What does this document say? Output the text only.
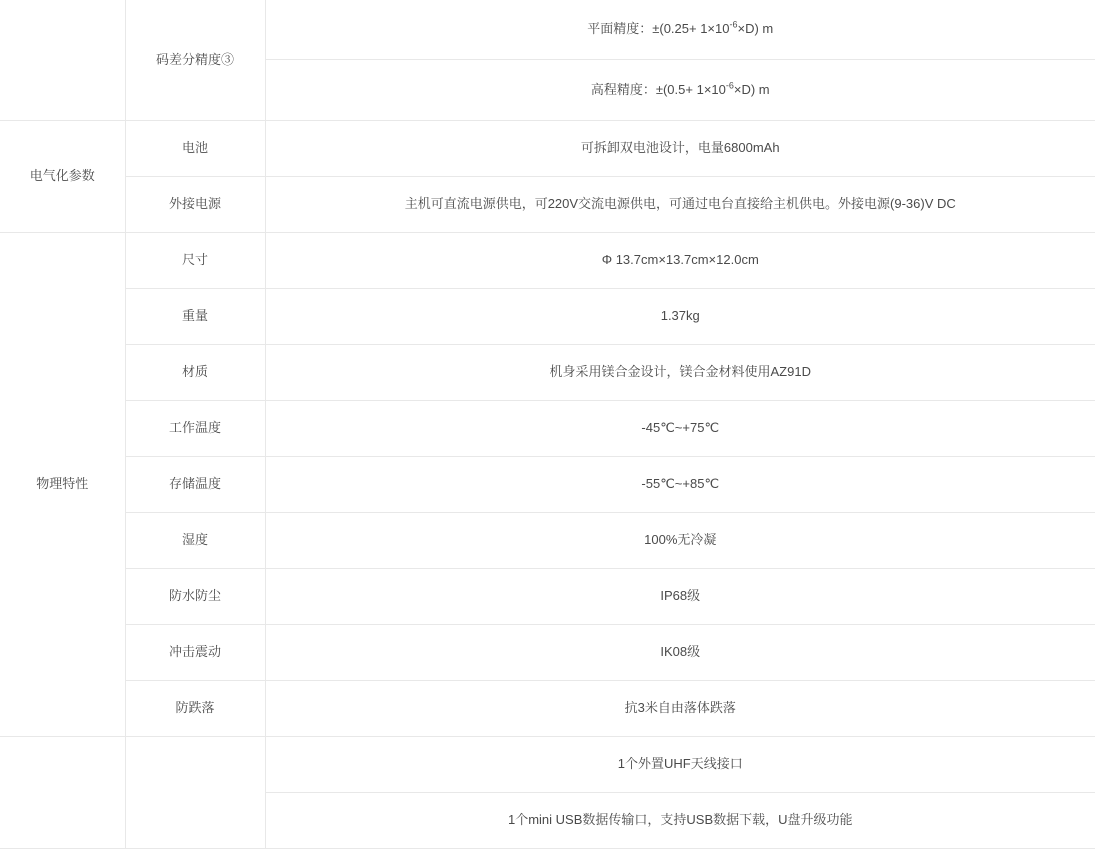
	码差分精度③	平面精度：$\pm(0.25+ 1\times 10^{-6}\times D)$ m
		高程精度：$\pm(0.5+ 1\times 10^{-6}\times D)$ m
电气化参数	电池	可拆卸双电池设计，电量6800mAh
	外接电源	主机可直流电源供电，可220V交流电源供电，可通过电台直接给主机供电。外接电源(9-36)V DC
物理特性	尺寸	Φ 13.7cm×13.7cm×12.0cm
	重量	1.37kg
	材质	机身采用镁合金设计，镁合金材料使用AZ91D
	工作温度	-45℃~+75℃
	存储温度	-55℃~+85℃
	湿度	100%无冷凝
	防水防尘	IP68级
	冲击震动	IK08级
	防跌落	抗3米自由落体跌落
		1个外置UHF天线接口
		1个mini USB数据传输口，支持USB数据下载，U盘升级功能
